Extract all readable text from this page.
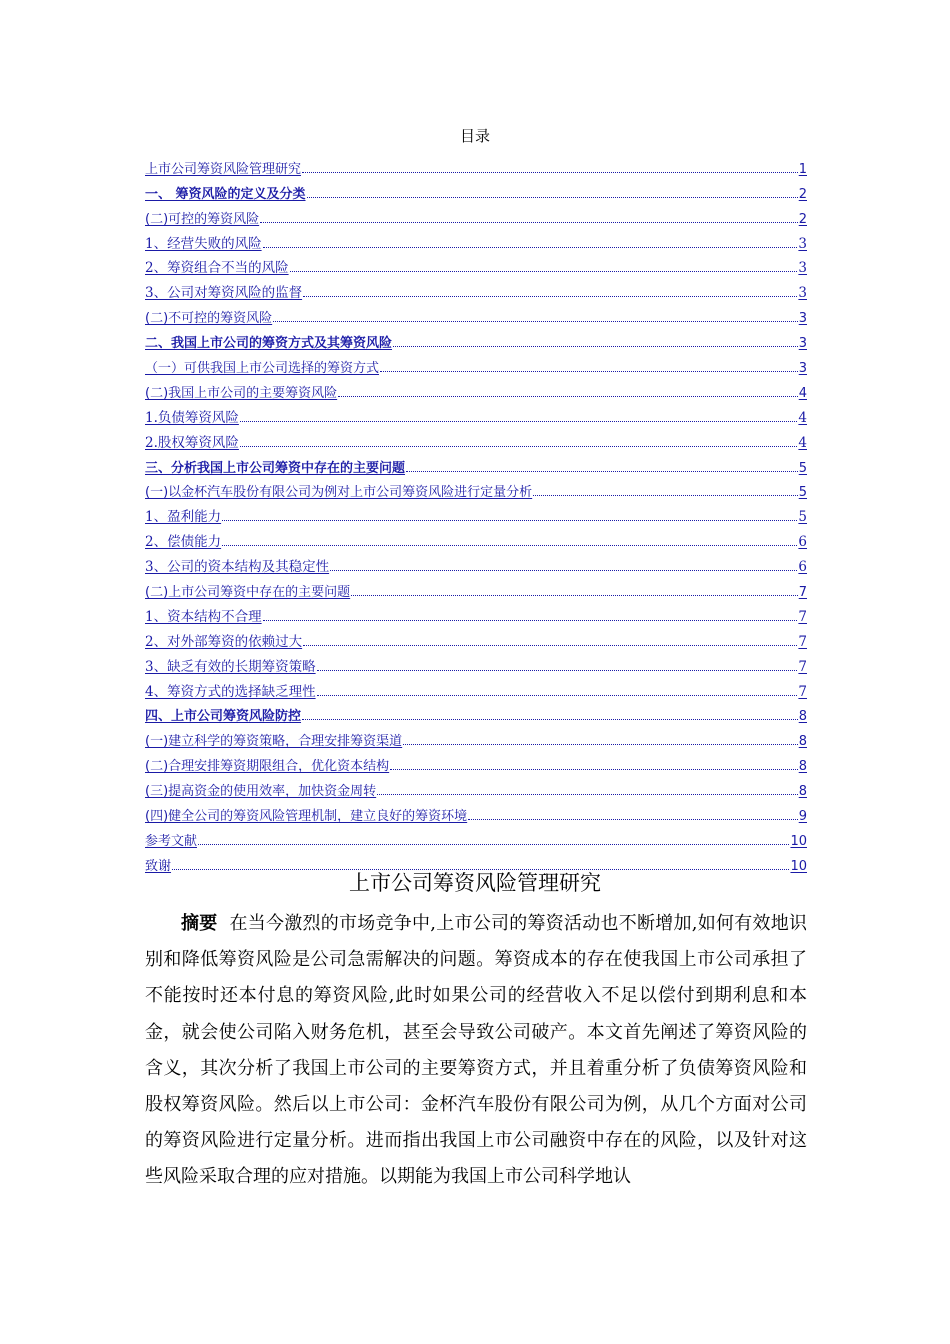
目录
上市公司筹资风险管理研究	1
一、 筹资风险的定义及分类	2
(二)可控的筹资风险	2
1、经营失败的风险	3
2、筹资组合不当的风险	3
3、公司对筹资风险的监督	3
(二)不可控的筹资风险	3
二、我国上市公司的筹资方式及其筹资风险	3
（一）可供我国上市公司选择的筹资方式	3
(二)我国上市公司的主要筹资风险	4
1.负债筹资风险	4
2.股权筹资风险	4
三、分析我国上市公司筹资中存在的主要问题	5
(一)以金杯汽车股份有限公司为例对上市公司筹资风险进行定量分析	5
1、盈利能力	5
2、偿债能力	6
3、公司的资本结构及其稳定性	6
(二)上市公司筹资中存在的主要问题	7
1、资本结构不合理	7
2、对外部筹资的依赖过大	7
3、缺乏有效的长期筹资策略	7
4、筹资方式的选择缺乏理性	7
四、上市公司筹资风险防控	8
(一)建立科学的筹资策略，合理安排筹资渠道	8
(二)合理安排筹资期限组合，优化资本结构	8
(三)提高资金的使用效率，加快资金周转	8
(四)健全公司的筹资风险管理机制，建立良好的筹资环境	9
参考文献	10
致谢	10
上市公司筹资风险管理研究
摘要 在当今激烈的市场竞争中,上市公司的筹资活动也不断增加,如何有效地识别和降低筹资风险是公司急需解决的问题。筹资成本的存在使我国上市公司承担了不能按时还本付息的筹资风险,此时如果公司的经营收入不足以偿付到期利息和本金，就会使公司陷入财务危机，甚至会导致公司破产。本文首先阐述了筹资风险的含义，其次分析了我国上市公司的主要筹资方式，并且着重分析了负债筹资风险和股权筹资风险。然后以上市公司：金杯汽车股份有限公司为例，从几个方面对公司的筹资风险进行定量分析。进而指出我国上市公司融资中存在的风险，以及针对这些风险采取合理的应对措施。以期能为我国上市公司科学地认
